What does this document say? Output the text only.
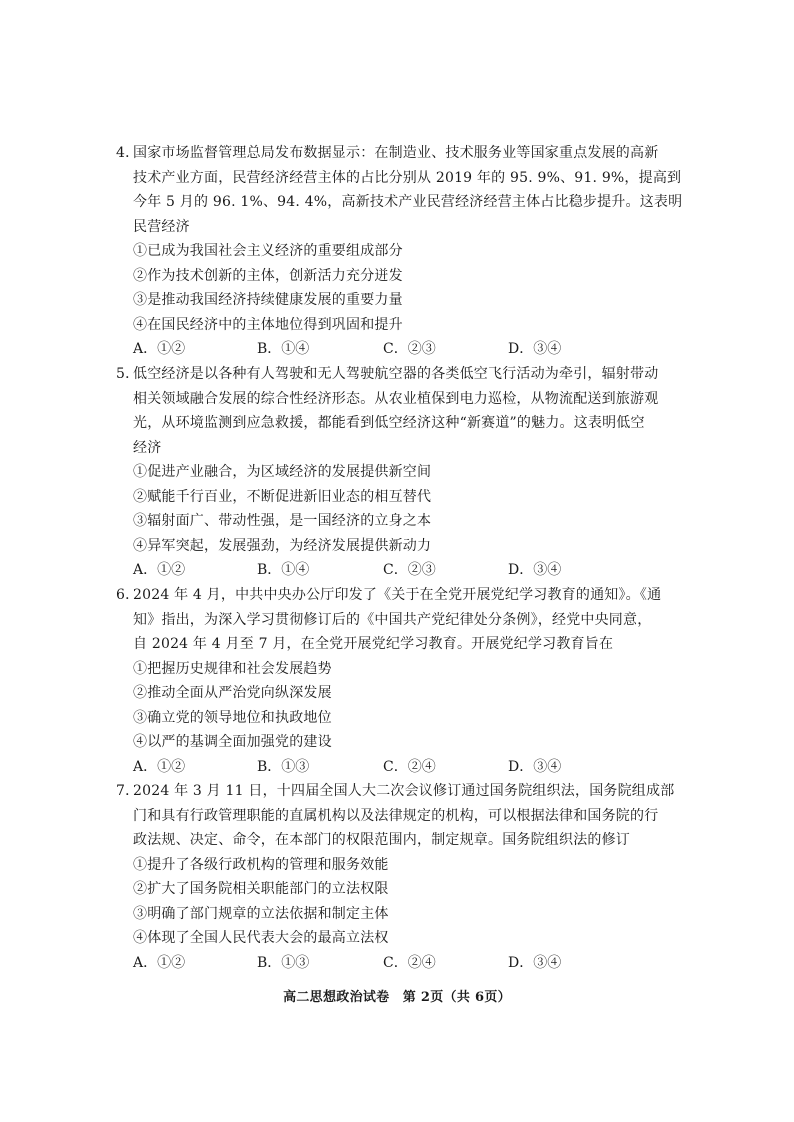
4．
国家市场监督管理总局发布数据显示：在制造业、技术服务业等国家重点发展的高新
技术产业方面，民营经济经营主体的占比分别从 2019 年的 95. 9%、91. 9%，提高到
今年 5 月的 96. 1%、94. 4%，高新技术产业民营经济经营主体占比稳步提升。这表明
民营经济
①已成为我国社会主义经济的重要组成部分
②作为技术创新的主体，创新活力充分迸发
③是推动我国经济持续健康发展的重要力量
④在国民经济中的主体地位得到巩固和提升
A．①②	B．①④	C．②③	D．③④
5．
低空经济是以各种有人驾驶和无人驾驶航空器的各类低空飞行活动为牵引，辐射带动
相关领域融合发展的综合性经济形态。从农业植保到电力巡检，从物流配送到旅游观
光，从环境监测到应急救援，都能看到低空经济这种“新赛道”的魅力。这表明低空
经济
①促进产业融合，为区域经济的发展提供新空间
②赋能千行百业，不断促进新旧业态的相互替代
③辐射面广、带动性强，是一国经济的立身之本
④异军突起，发展强劲，为经济发展提供新动力
A．①②	B．①④	C．②③	D．③④
6．
2024 年 4 月，中共中央办公厅印发了《关于在全党开展党纪学习教育的通知》。《通
知》指出，为深入学习贯彻修订后的《中国共产党纪律处分条例》，经党中央同意，
自 2024 年 4 月至 7 月，在全党开展党纪学习教育。开展党纪学习教育旨在
①把握历史规律和社会发展趋势
②推动全面从严治党向纵深发展
③确立党的领导地位和执政地位
④以严的基调全面加强党的建设
A．①②	B．①③	C．②④	D．③④
7．
2024 年 3 月 11 日，十四届全国人大二次会议修订通过国务院组织法，国务院组成部
门和具有行政管理职能的直属机构以及法律规定的机构，可以根据法律和国务院的行
政法规、决定、命令，在本部门的权限范围内，制定规章。国务院组织法的修订
①提升了各级行政机构的管理和服务效能
②扩大了国务院相关职能部门的立法权限
③明确了部门规章的立法依据和制定主体
④体现了全国人民代表大会的最高立法权
A．①②	B．①③	C．②④	D．③④
高二思想政治试卷　第 2页（共 6页）
